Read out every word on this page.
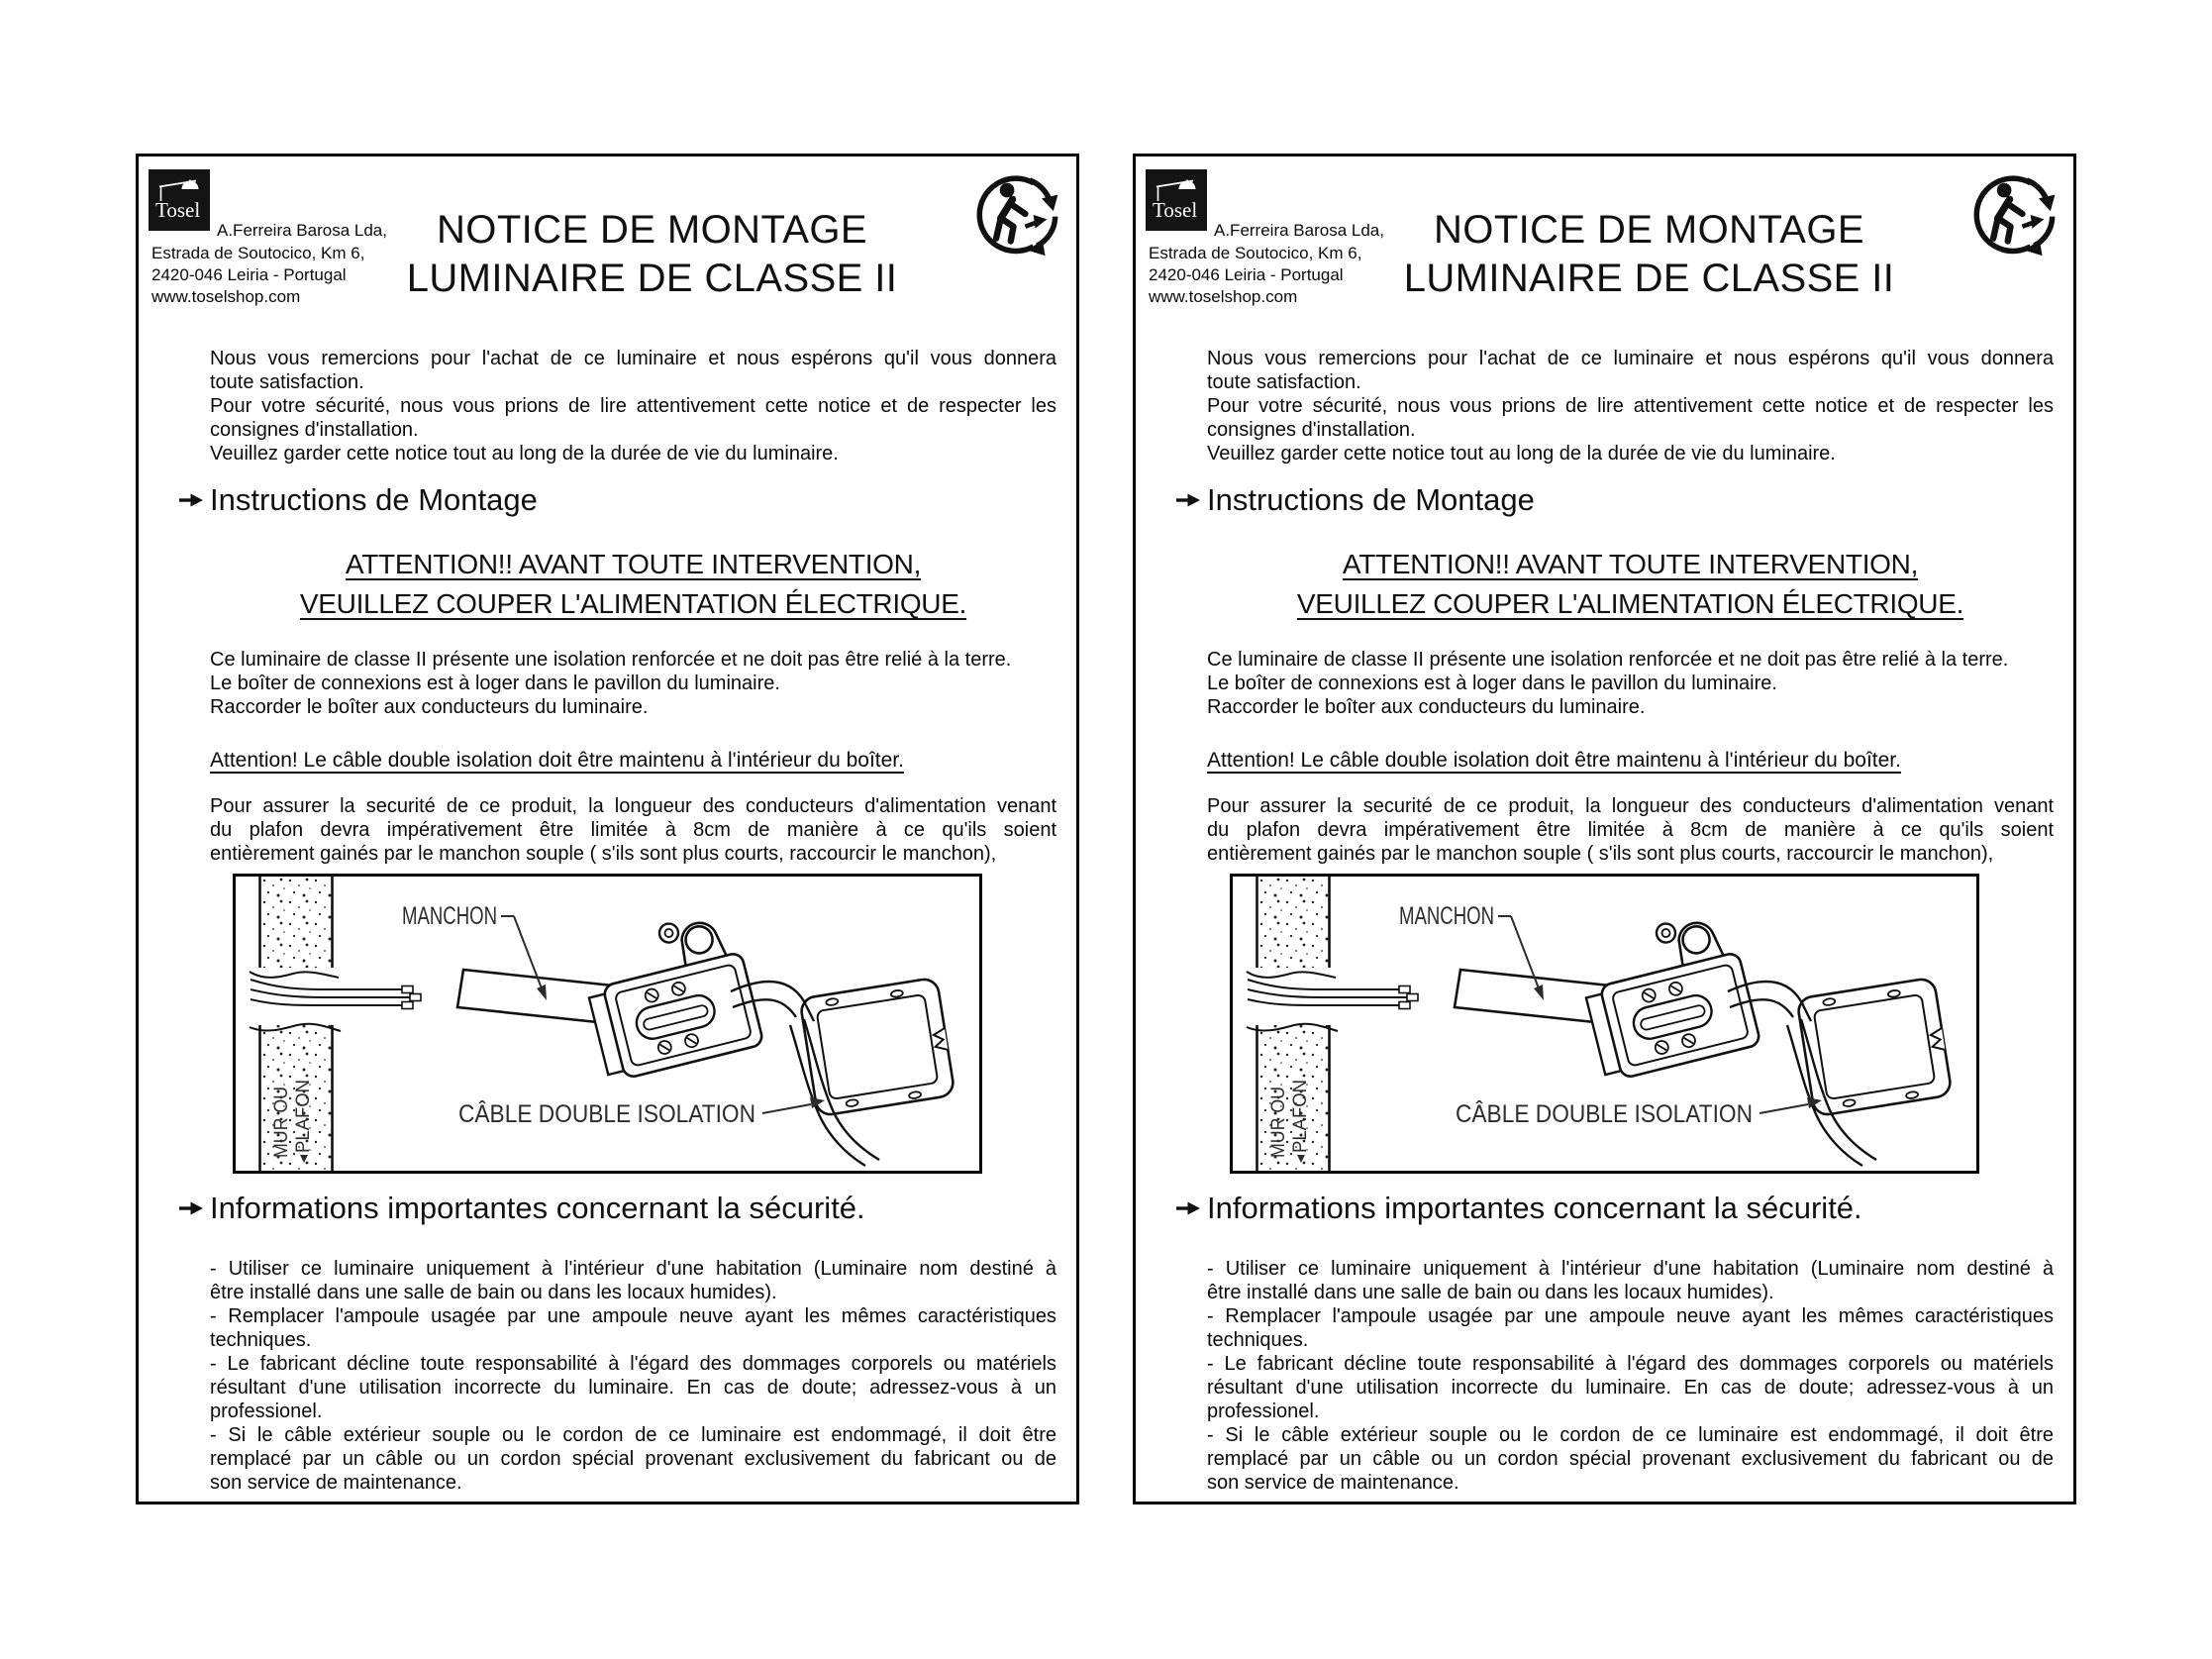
Tosel
A.Ferreira Barosa Lda,
Estrada de Soutocico, Km 6,
2420-046 Leiria - Portugal
www.toselshop.com
NOTICE DE MONTAGE
LUMINAIRE DE CLASSE II
Nous vous remercions pour l'achat de ce luminaire et nous espérons qu'il vous donnera
toute satisfaction.
Pour votre sécurité, nous vous prions de lire attentivement cette notice et de respecter les
consignes d'installation.
Veuillez garder cette notice tout au long de la durée de vie du luminaire.
Instructions de Montage
ATTENTION!! AVANT TOUTE INTERVENTION,
VEUILLEZ COUPER L'ALIMENTATION ÉLECTRIQUE.
Ce luminaire de classe II présente une isolation renforcée et ne doit pas être relié à la terre.
Le boîter de connexions est à loger dans le pavillon du luminaire.
Raccorder le boîter aux conducteurs du luminaire.
Attention! Le câble double isolation doit être maintenu à l'intérieur du boîter.
Pour assurer la securité de ce produit, la longueur des conducteurs d'alimentation venant
du plafon devra impérativement être limitée à 8cm de manière à ce qu'ils soient
entièrement gainés par le manchon souple ( s'ils sont plus courts, raccourcir le manchon),
MANCHON
CÂBLE DOUBLE ISOLATION
MUR OU PLAFON
Informations importantes concernant la sécurité.
- Utiliser ce luminaire uniquement à l'intérieur d'une habitation (Luminaire nom destiné à
être installé dans une salle de bain ou dans les locaux humides).
- Remplacer l'ampoule usagée par une ampoule neuve ayant les mêmes caractéristiques
techniques.
- Le fabricant décline toute responsabilité à l'égard des dommages corporels ou matériels
résultant d'une utilisation incorrecte du luminaire. En cas de doute; adressez-vous à un
professionel.
- Si le câble extérieur souple ou le cordon de ce luminaire est endommagé, il doit être
remplacé par un câble ou un cordon spécial provenant exclusivement du fabricant ou de
son service de maintenance.
Tosel
A.Ferreira Barosa Lda,
Estrada de Soutocico, Km 6,
2420-046 Leiria - Portugal
www.toselshop.com
NOTICE DE MONTAGE
LUMINAIRE DE CLASSE II
Nous vous remercions pour l'achat de ce luminaire et nous espérons qu'il vous donnera
toute satisfaction.
Pour votre sécurité, nous vous prions de lire attentivement cette notice et de respecter les
consignes d'installation.
Veuillez garder cette notice tout au long de la durée de vie du luminaire.
Instructions de Montage
ATTENTION!! AVANT TOUTE INTERVENTION,
VEUILLEZ COUPER L'ALIMENTATION ÉLECTRIQUE.
Ce luminaire de classe II présente une isolation renforcée et ne doit pas être relié à la terre.
Le boîter de connexions est à loger dans le pavillon du luminaire.
Raccorder le boîter aux conducteurs du luminaire.
Attention! Le câble double isolation doit être maintenu à l'intérieur du boîter.
Pour assurer la securité de ce produit, la longueur des conducteurs d'alimentation venant
du plafon devra impérativement être limitée à 8cm de manière à ce qu'ils soient
entièrement gainés par le manchon souple ( s'ils sont plus courts, raccourcir le manchon),
MANCHON
CÂBLE DOUBLE ISOLATION
MUR OU PLAFON
Informations importantes concernant la sécurité.
- Utiliser ce luminaire uniquement à l'intérieur d'une habitation (Luminaire nom destiné à
être installé dans une salle de bain ou dans les locaux humides).
- Remplacer l'ampoule usagée par une ampoule neuve ayant les mêmes caractéristiques
techniques.
- Le fabricant décline toute responsabilité à l'égard des dommages corporels ou matériels
résultant d'une utilisation incorrecte du luminaire. En cas de doute; adressez-vous à un
professionel.
- Si le câble extérieur souple ou le cordon de ce luminaire est endommagé, il doit être
remplacé par un câble ou un cordon spécial provenant exclusivement du fabricant ou de
son service de maintenance.
